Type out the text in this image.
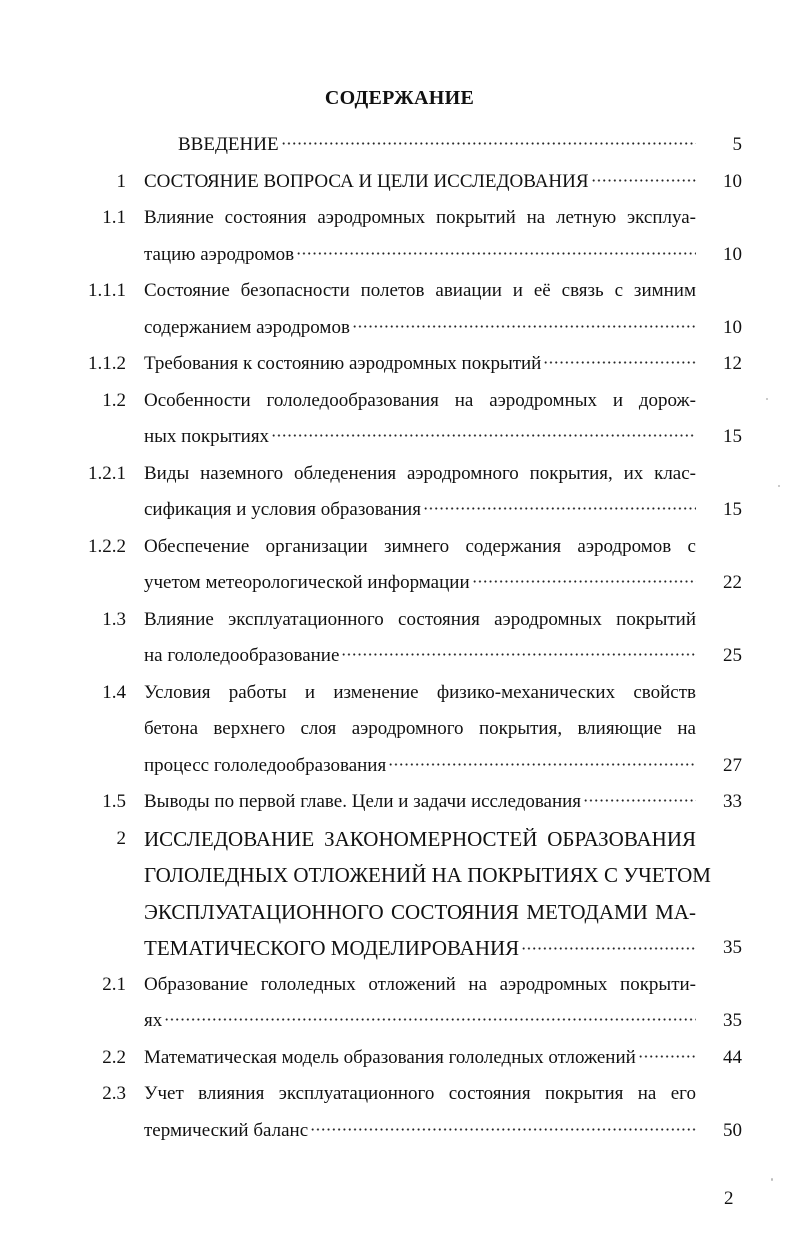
СОДЕРЖАНИЕ
ВВЕДЕНИЕ	5
1 СОСТОЯНИЕ ВОПРОСА И ЦЕЛИ ИССЛЕДОВАНИЯ	10
1.1 Влияние состояния аэродромных покрытий на летную эксплуа-
тацию аэродромов	10
1.1.1 Состояние безопасности полетов авиации и её связь с зимним
содержанием аэродромов	10
1.1.2 Требования к состоянию аэродромных покрытий	12
1.2 Особенности гололедообразования на аэродромных и дорож-
ных покрытиях	15
1.2.1 Виды наземного обледенения аэродромного покрытия, их клас-
сификация и условия образования	15
1.2.2 Обеспечение организации зимнего содержания аэродромов с
учетом метеорологической информации	22
1.3 Влияние эксплуатационного состояния аэродромных покрытий
на гололедообразование	25
1.4 Условия работы и изменение физико-механических свойств
бетона верхнего слоя аэродромного покрытия, влияющие на
процесс гололедообразования	27
1.5 Выводы по первой главе. Цели и задачи исследования	33
2 ИССЛЕДОВАНИЕ ЗАКОНОМЕРНОСТЕЙ ОБРАЗОВАНИЯ
ГОЛОЛЕДНЫХ ОТЛОЖЕНИЙ НА ПОКРЫТИЯХ С УЧЕТОМ
ЭКСПЛУАТАЦИОННОГО СОСТОЯНИЯ МЕТОДАМИ МА-
ТЕМАТИЧЕСКОГО МОДЕЛИРОВАНИЯ	35
2.1 Образование гололедных отложений на аэродромных покрыти-
ях	35
2.2 Математическая модель образования гололедных отложений	44
2.3 Учет влияния эксплуатационного состояния покрытия на его
термический баланс	50
2
